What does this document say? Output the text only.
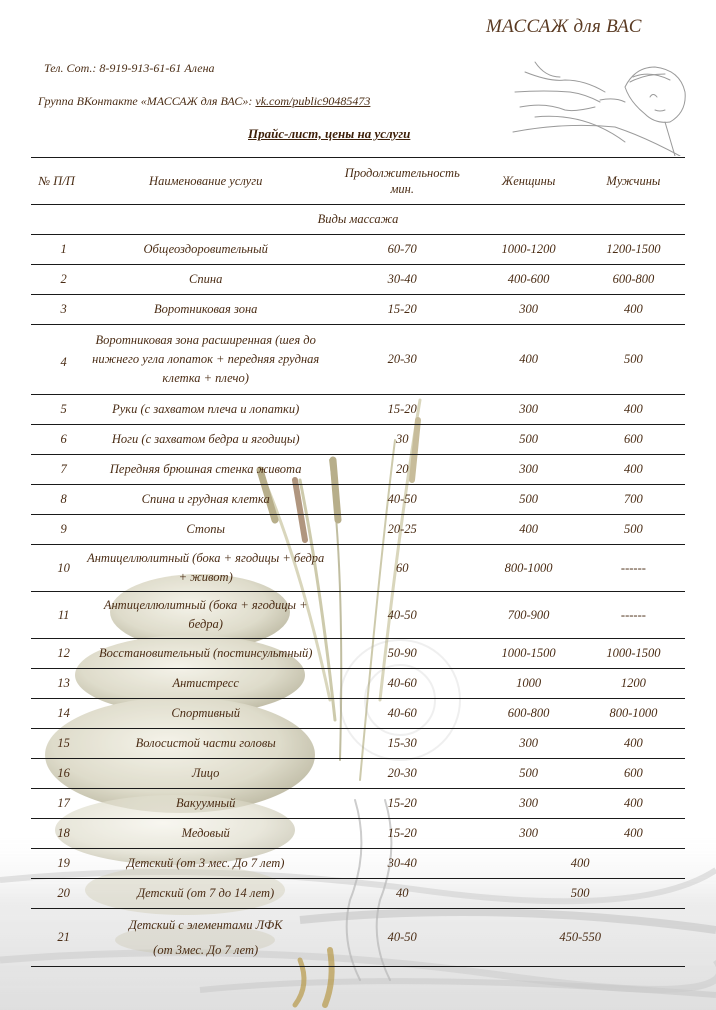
МАССАЖ для ВАС
Тел. Сот.: 8-919-913-61-61 Алена
Группа ВКонтакте «МАССАЖ для ВАС»: vk.com/public90485473
Прайс-лист, цены на услуги
№ П/П	Наименование услуги	Продолжительность мин.	Женщины	Мужчины
Виды массажа				
1	Общеоздоровительный	60-70	1000-1200	1200-1500
2	Спина	30-40	400-600	600-800
3	Воротниковая зона	15-20	300	400
4	Воротниковая зона расширенная (шея до нижнего угла лопаток + передняя грудная клетка + плечо)	20-30	400	500
5	Руки (с захватом плеча и лопатки)	15-20	300	400
6	Ноги (с захватом бедра и ягодицы)	30	500	600
7	Передняя брюшная стенка живота	20	300	400
8	Спина и грудная клетка	40-50	500	700
9	Стопы	20-25	400	500
10	Антицеллюлитный (бока + ягодицы + бедра + живот)	60	800-1000	------
11	Антицеллюлитный (бока + ягодицы + бедра)	40-50	700-900	------
12	Восстановительный (постинсультный)	50-90	1000-1500	1000-1500
13	Антистресс	40-60	1000	1200
14	Спортивный	40-60	600-800	800-1000
15	Волосистой части головы	15-30	300	400
16	Лицо	20-30	500	600
17	Вакуумный	15-20	300	400
18	Медовый	15-20	300	400
19	Детский (от 3 мес. До 7 лет)	30-40	400	
20	Детский (от 7 до 14 лет)	40	500	
21	Детский с элементами ЛФК
(от 3мес. До 7 лет)	40-50	450-550	
